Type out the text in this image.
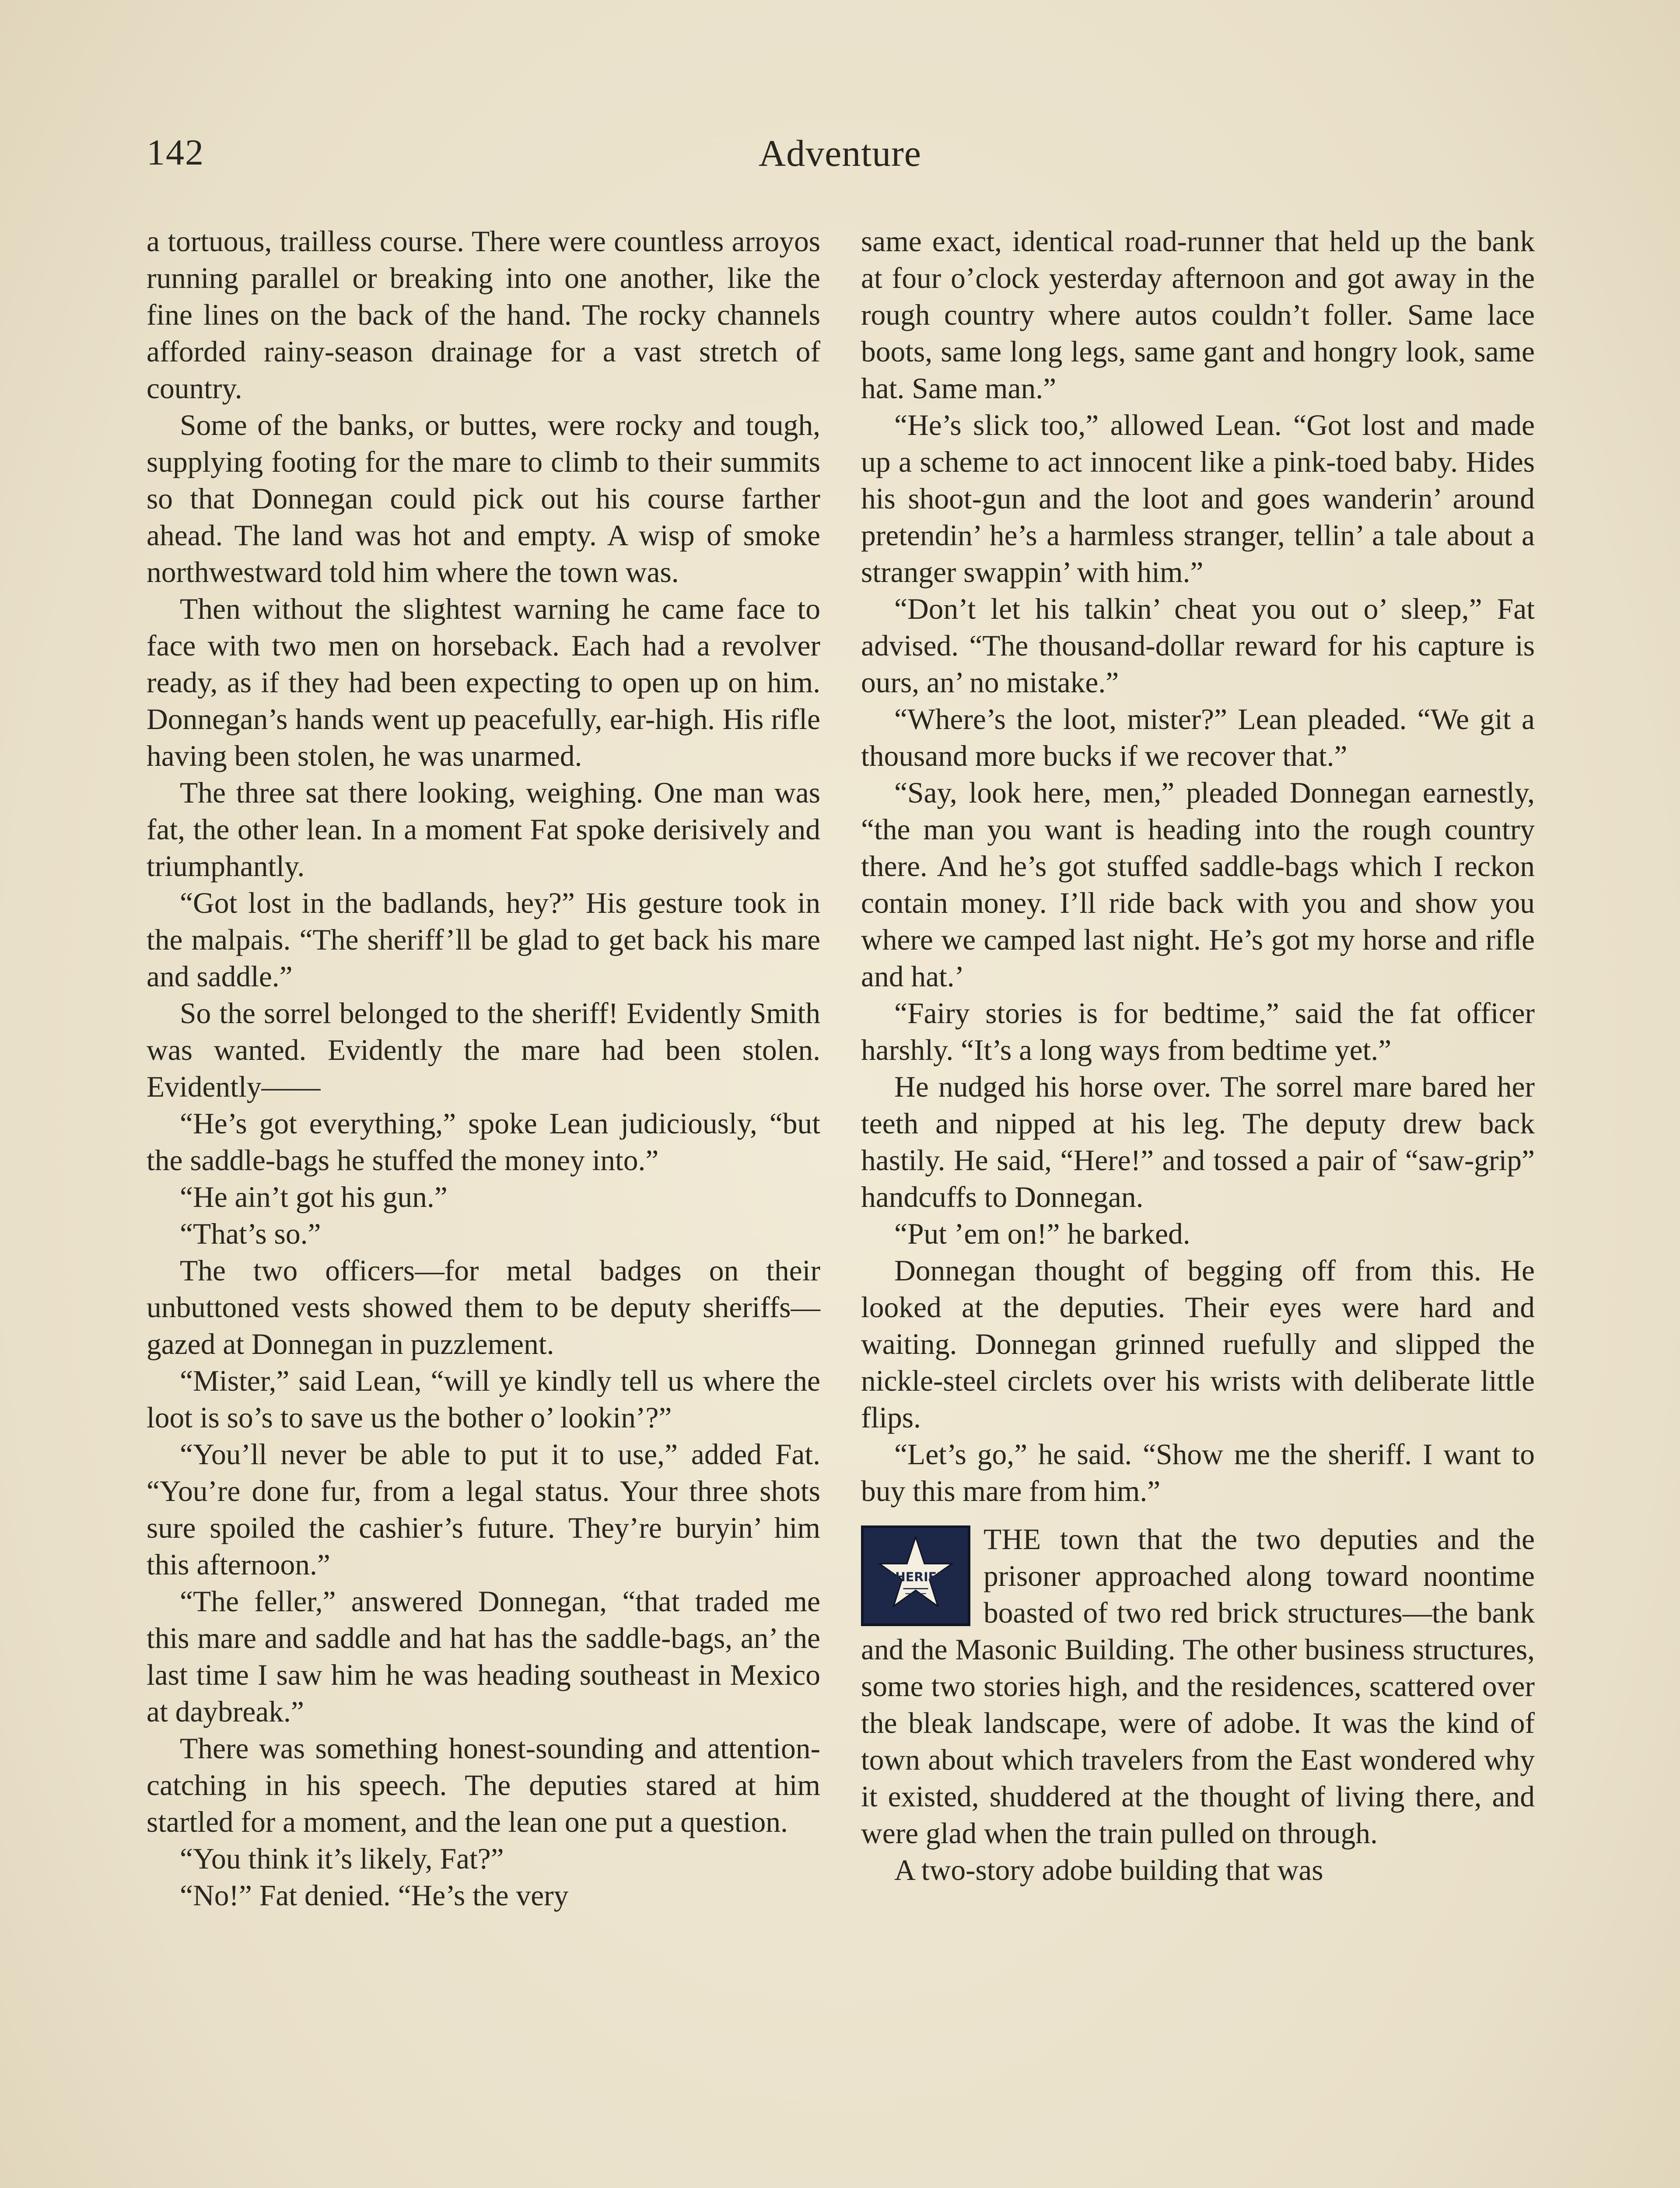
142	Adventure

a tortuous, trailless course. There were countless arroyos running parallel or breaking into one another, like the fine lines on the back of the hand. The rocky channels afforded rainy-season drainage for a vast stretch of country.

Some of the banks, or buttes, were rocky and tough, supplying footing for the mare to climb to their summits so that Donnegan could pick out his course farther ahead. The land was hot and empty. A wisp of smoke northwestward told him where the town was.

Then without the slightest warning he came face to face with two men on horseback. Each had a revolver ready, as if they had been expecting to open up on him. Donnegan’s hands went up peacefully, ear-high. His rifle having been stolen, he was unarmed.

The three sat there looking, weighing. One man was fat, the other lean. In a moment Fat spoke derisively and triumphantly.

“Got lost in the badlands, hey?” His gesture took in the malpais. “The sheriff’ll be glad to get back his mare and saddle.”

So the sorrel belonged to the sheriff! Evidently Smith was wanted. Evidently the mare had been stolen. Evidently——

“He’s got everything,” spoke Lean judiciously, “but the saddle-bags he stuffed the money into.”

“He ain’t got his gun.”

“That’s so.”

The two officers—for metal badges on their unbuttoned vests showed them to be deputy sheriffs—gazed at Donnegan in puzzlement.

“Mister,” said Lean, “will ye kindly tell us where the loot is so’s to save us the bother o’ lookin’?”

“You’ll never be able to put it to use,” added Fat. “You’re done fur, from a legal status. Your three shots sure spoiled the cashier’s future. They’re buryin’ him this afternoon.”

“The feller,” answered Donnegan, “that traded me this mare and saddle and hat has the saddle-bags, an’ the last time I saw him he was heading southeast in Mexico at daybreak.”

There was something honest-sounding and attention-catching in his speech. The deputies stared at him startled for a moment, and the lean one put a question.

“You think it’s likely, Fat?”

“No!” Fat denied. “He’s the very

same exact, identical road-runner that held up the bank at four o’clock yesterday afternoon and got away in the rough country where autos couldn’t foller. Same lace boots, same long legs, same gant and hongry look, same hat. Same man.”

“He’s slick too,” allowed Lean. “Got lost and made up a scheme to act innocent like a pink-toed baby. Hides his shoot-gun and the loot and goes wanderin’ around pretendin’ he’s a harmless stranger, tellin’ a tale about a stranger swappin’ with him.”

“Don’t let his talkin’ cheat you out o’ sleep,” Fat advised. “The thousand-dollar reward for his capture is ours, an’ no mistake.”

“Where’s the loot, mister?” Lean pleaded. “We git a thousand more bucks if we recover that.”

“Say, look here, men,” pleaded Donnegan earnestly, “the man you want is heading into the rough country there. And he’s got stuffed saddle-bags which I reckon contain money. I’ll ride back with you and show you where we camped last night. He’s got my horse and rifle and hat.’

“Fairy stories is for bedtime,” said the fat officer harshly. “It’s a long ways from bedtime yet.”

He nudged his horse over. The sorrel mare bared her teeth and nipped at his leg. The deputy drew back hastily. He said, “Here!” and tossed a pair of “saw-grip” handcuffs to Donnegan.

“Put ’em on!” he barked.

Donnegan thought of begging off from this. He looked at the deputies. Their eyes were hard and waiting. Donnegan grinned ruefully and slipped the nickle-steel circlets over his wrists with deliberate little flips.

“Let’s go,” he said. “Show me the sheriff. I want to buy this mare from him.”

SHERIFF

THE town that the two deputies and the prisoner approached along toward noontime boasted of two red brick structures—the bank and the Masonic Building. The other business structures, some two stories high, and the residences, scattered over the bleak landscape, were of adobe. It was the kind of town about which travelers from the East wondered why it existed, shuddered at the thought of living there, and were glad when the train pulled on through.

A two-story adobe building that was
